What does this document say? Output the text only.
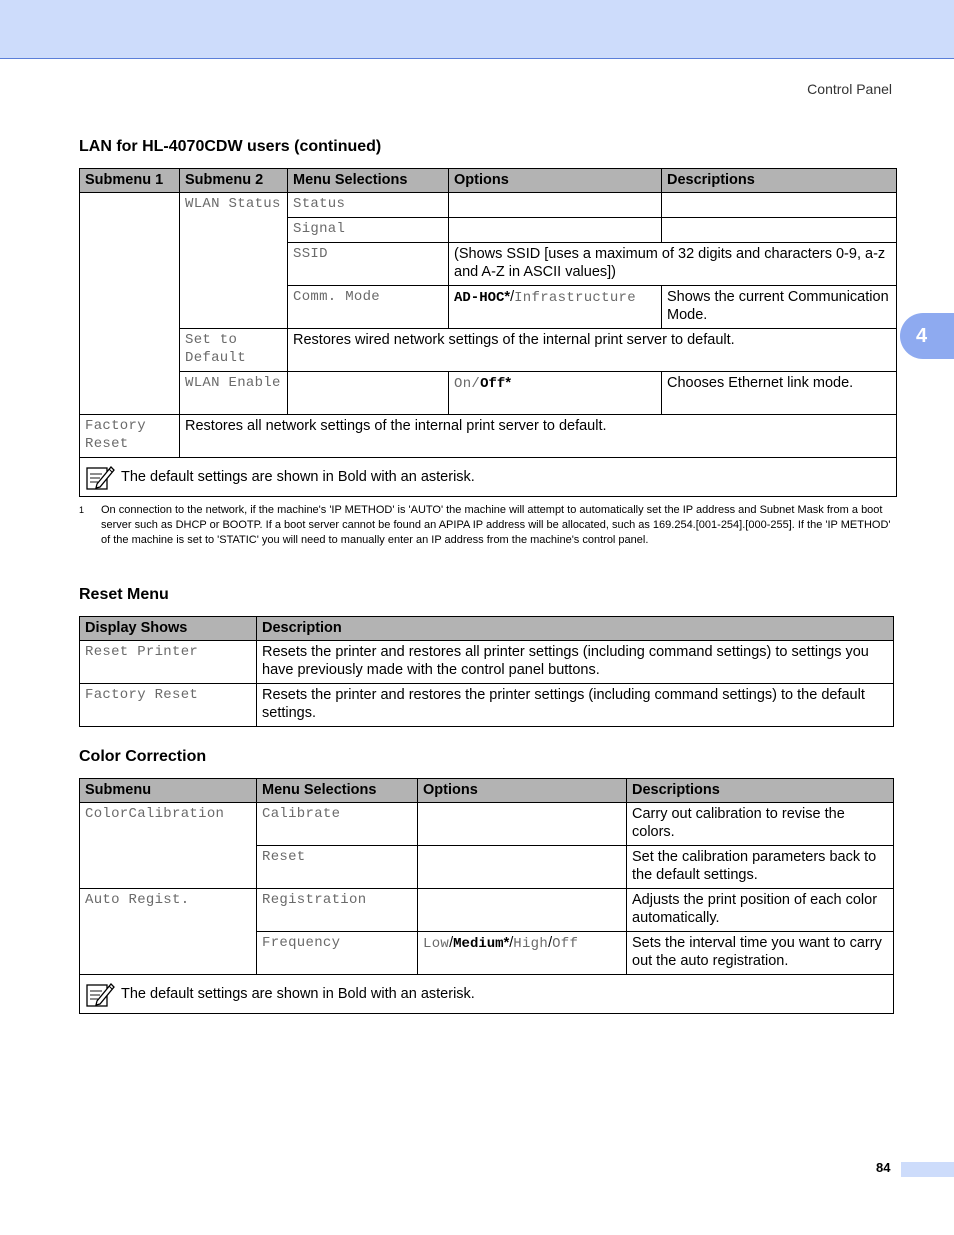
Control Panel
4
LAN for HL-4070CDW users (continued)
Submenu 1	Submenu 2	Menu Selections	Options	Descriptions
	WLAN Status	Status		
		Signal		
		SSID	(Shows SSID [uses a maximum of 32 digits and characters 0-9, a-z and A-Z in ASCII values])	
		Comm. Mode	AD-HOC*/Infrastructure	Shows the current Communication Mode.
	Set to Default	Restores wired network settings of the internal print server to default.		
	WLAN Enable		On/Off*	Chooses Ethernet link mode.
Factory Reset	Restores all network settings of the internal print server to default.			

The default settings are shown in Bold with an asterisk.				
1 On connection to the network, if the machine's 'IP METHOD' is 'AUTO' the machine will attempt to automatically set the IP address and Subnet Mask from a boot server such as DHCP or BOOTP. If a boot server cannot be found an APIPA IP address will be allocated, such as 169.254.[001-254].[000-255]. If the 'IP METHOD' of the machine is set to 'STATIC' you will need to manually enter an IP address from the machine's control panel.
Reset Menu
Display Shows	Description
Reset Printer	Resets the printer and restores all printer settings (including command settings) to settings you have previously made with the control panel buttons.
Factory Reset	Resets the printer and restores the printer settings (including command settings) to the default settings.
Color Correction
Submenu	Menu Selections	Options	Descriptions
ColorCalibration	Calibrate		Carry out calibration to revise the colors.
	Reset		Set the calibration parameters back to the default settings.
Auto Regist.	Registration		Adjusts the print position of each color automatically.
	Frequency	Low/Medium*/High/Off	Sets the interval time you want to carry out the auto registration.

The default settings are shown in Bold with an asterisk.			
84
